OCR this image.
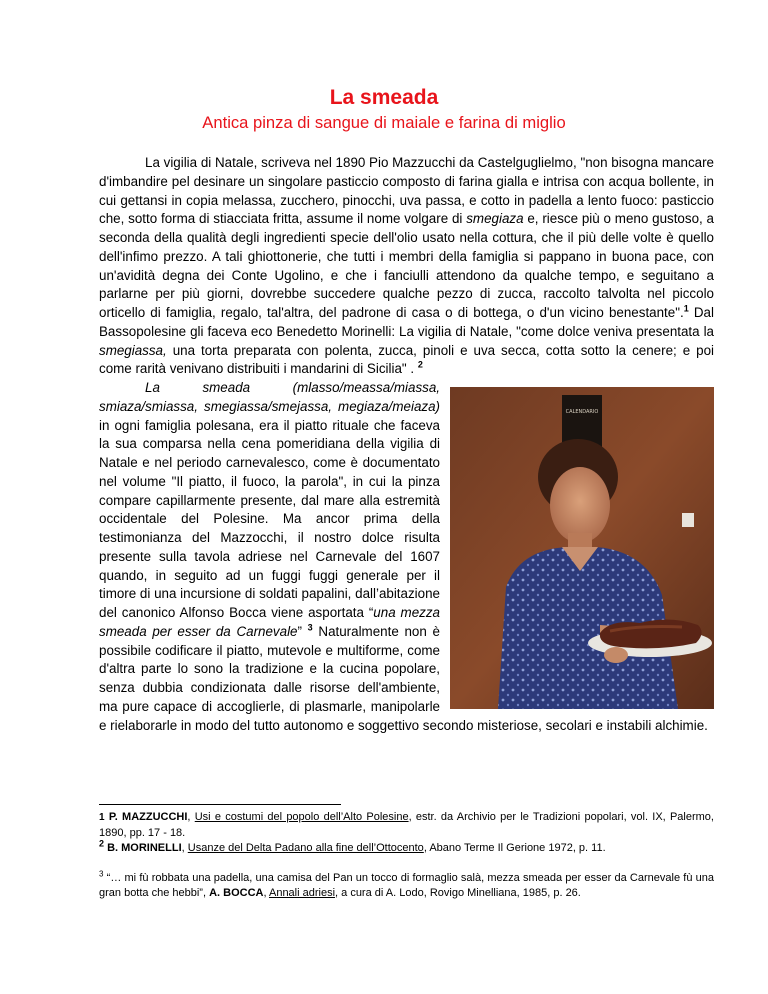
La smeada
Antica pinza di sangue di maiale e farina di miglio

La vigilia di Natale, scriveva nel 1890 Pio Mazzucchi da Castelguglielmo, "non bisogna mancare d'imbandire pel desinare un singolare pasticcio composto di farina gialla e intrisa con acqua bollente, in cui gettansi in copia melassa, zucchero, pinocchi, uva passa, e cotto in padella a lento fuoco: pasticcio che, sotto forma di stiacciata fritta, assume il nome volgare di smegiaza e, riesce più o meno gustoso, a seconda della qualità degli ingredienti specie dell'olio usato nella cottura, che il più delle volte è quello dell'infimo prezzo. A tali ghiottonerie, che tutti i membri della famiglia si pappano in buona pace, con un'avidità degna dei Conte Ugolino, e che i fanciulli attendono da qualche tempo, e seguitano a parlarne per più giorni, dovrebbe succedere qualche pezzo di zucca, raccolto talvolta nel piccolo orticello di famiglia, regalo, tal'altra, del padrone di casa o di bottega, o d'un vicino benestante".$^1$ Dal Bassopolesine gli faceva eco Benedetto Morinelli: La vigilia di Natale, "come dolce veniva presentata la smegiassa, una torta preparata con polenta, zucca, pinoli e uva secca, cotta sotto la cenere; e poi come rarità venivano distribuiti i mandarini di Sicilia" . $^2$

CALENDARIO

La smeada (mlasso/meassa/miassa, smiaza/smiassa, smegiassa/smejassa, megiaza/meiaza) in ogni famiglia polesana, era il piatto rituale che faceva la sua comparsa nella cena pomeridiana della vigilia di Natale e nel periodo carnevalesco, come è documentato nel volume "Il piatto, il fuoco, la parola", in cui la pinza compare capillarmente presente, dal mare alla estremità occidentale del Polesine. Ma ancor prima della testimonianza del Mazzocchi, il nostro dolce risulta presente sulla tavola adriese nel Carnevale del 1607 quando, in seguito ad un fuggi fuggi generale per il timore di una incursione di soldati papalini, dall’abitazione del canonico Alfonso Bocca viene asportata “una mezza smeada per esser da Carnevale” $^3$ Naturalmente non è possibile codificare il piatto, mutevole e multiforme, come d'altra parte lo sono la tradizione e la cucina popolare, senza dubbia condizionata dalle risorse dell'ambiente, ma pure capace di accoglierle, di plasmarle, manipolarle e rielaborarle in modo del tutto autonomo e soggettivo secondo misteriose, secolari e instabili alchimie.

1 P. MAZZUCCHI, Usi e costumi del popolo dell’Alto Polesine, estr. da Archivio per le Tradizioni popolari, vol. IX, Palermo, 1890, pp. 17 - 18.

$^2$ B. MORINELLI, Usanze del Delta Padano alla fine dell’Ottocento, Abano Terme Il Gerione 1972, p. 11.

$^3$ “… mi fù robbata una padella, una camisa del Pan un tocco di formaglio salà, mezza smeada per esser da Carnevale fù una gran botta che hebbi”, A. BOCCA, Annali adriesi, a cura di A. Lodo, Rovigo Minelliana, 1985, p. 26.
